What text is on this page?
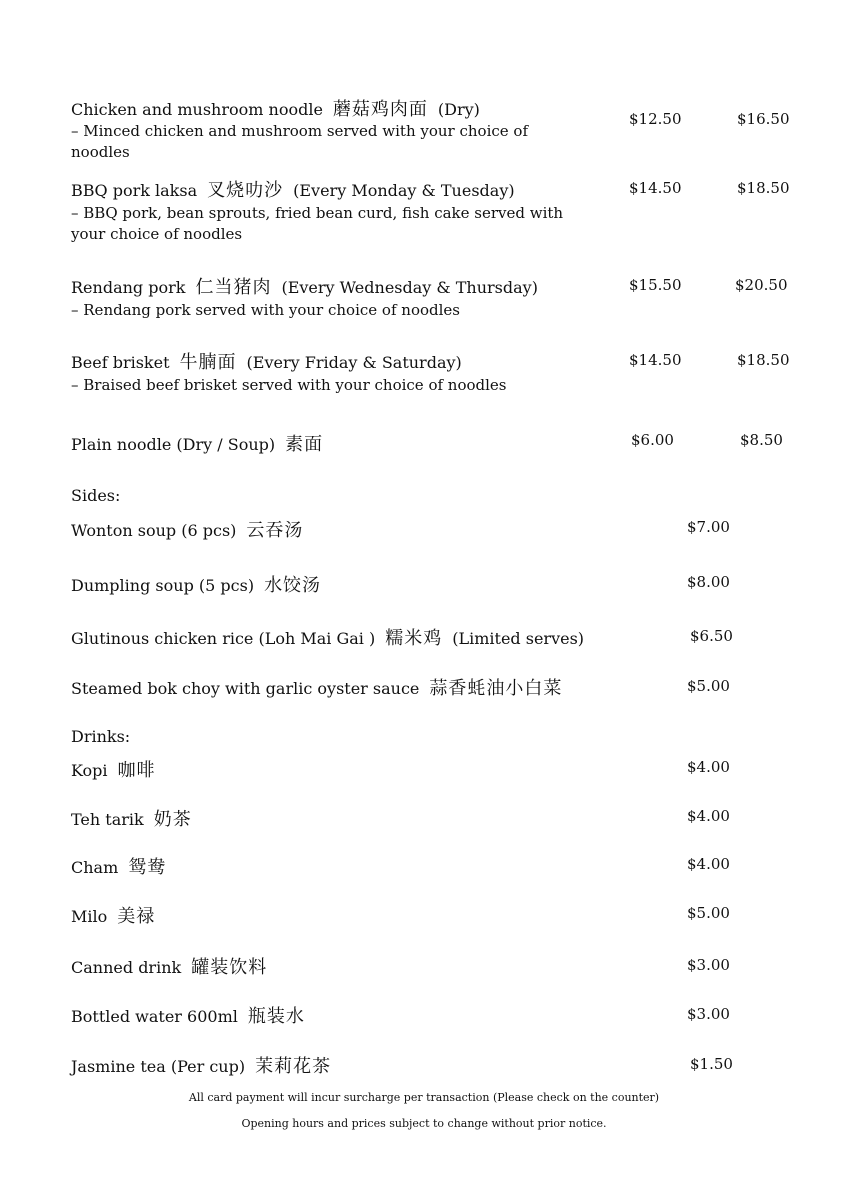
Chicken and mushroom noodle 蘑菇鸡肉面 (Dry)
– Minced chicken and mushroom served with your choice of noodles
$12.50	$16.50
BBQ pork laksa 叉烧叻沙 (Every Monday & Tuesday)
– BBQ pork, bean sprouts, fried bean curd, fish cake served with your choice of noodles
$14.50	$18.50
Rendang pork 仁当猪肉 (Every Wednesday & Thursday)
– Rendang pork served with your choice of noodles
$15.50	$20.50
Beef brisket 牛腩面 (Every Friday & Saturday)
– Braised beef brisket served with your choice of noodles
$14.50	$18.50
Plain noodle (Dry / Soup) 素面	$6.00	$8.50
Sides:
Wonton soup (6 pcs) 云吞汤	$7.00
Dumpling soup (5 pcs) 水饺汤	$8.00
Glutinous chicken rice (Loh Mai Gai ) 糯米鸡 (Limited serves)	$6.50
Steamed bok choy with garlic oyster sauce 蒜香蚝油小白菜	$5.00
Drinks:
Kopi 咖啡	$4.00
Teh tarik 奶茶	$4.00
Cham 鸳鸯	$4.00
Milo 美禄	$5.00
Canned drink 罐装饮料	$3.00
Bottled water 600ml 瓶装水	$3.00
Jasmine tea (Per cup) 茉莉花茶	$1.50
All card payment will incur surcharge per transaction (Please check on the counter)
Opening hours and prices subject to change without prior notice.
